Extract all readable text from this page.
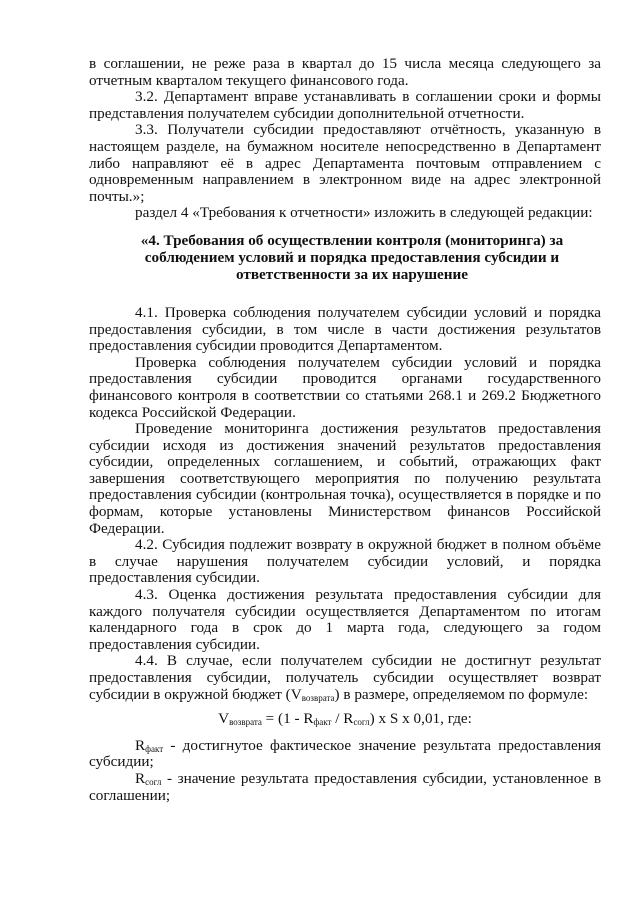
в соглашении, не реже раза в квартал до 15 числа месяца следующего за отчетным кварталом текущего финансового года.

3.2. Департамент вправе устанавливать в соглашении сроки и формы представления получателем субсидии дополнительной отчетности.

3.3. Получатели субсидии предоставляют отчётность, указанную в настоящем разделе, на бумажном носителе непосредственно в Департамент либо направляют её в адрес Департамента почтовым отправлением с одновременным направлением в электронном виде на адрес электронной почты.»;

раздел 4 «Требования к отчетности» изложить в следующей редакции:

«4. Требования об осуществлении контроля (мониторинга) за соблюдением условий и порядка предоставления субсидии и ответственности за их нарушение

4.1. Проверка соблюдения получателем субсидии условий и порядка предоставления субсидии, в том числе в части достижения результатов предоставления субсидии проводится Департаментом.

Проверка соблюдения получателем субсидии условий и порядка предоставления субсидии проводится органами государственного финансового контроля в соответствии со статьями 268.1 и 269.2 Бюджетного кодекса Российской Федерации.

Проведение мониторинга достижения результатов предоставления субсидии исходя из достижения значений результатов предоставления субсидии, определенных соглашением, и событий, отражающих факт завершения соответствующего мероприятия по получению результата предоставления субсидии (контрольная точка), осуществляется в порядке и по формам, которые установлены Министерством финансов Российской Федерации.

4.2. Субсидия подлежит возврату в окружной бюджет в полном объёме в случае нарушения получателем субсидии условий, и порядка предоставления субсидии.

4.3. Оценка достижения результата предоставления субсидии для каждого получателя субсидии осуществляется Департаментом по итогам календарного года в срок до 1 марта года, следующего за годом предоставления субсидии.

4.4. В случае, если получателем субсидии не достигнут результат предоставления субсидии, получатель субсидии осуществляет возврат субсидии в окружной бюджет $(V_{возврата})$ в размере, определяемом по формуле:

$V_{возврата} = (1 - R_{факт} / R_{согл})$ x S x 0,01, где:

$R_{факт}$ - достигнутое фактическое значение результата предоставления субсидии;

$R_{согл}$ - значение результата предоставления субсидии, установленное в соглашении;
